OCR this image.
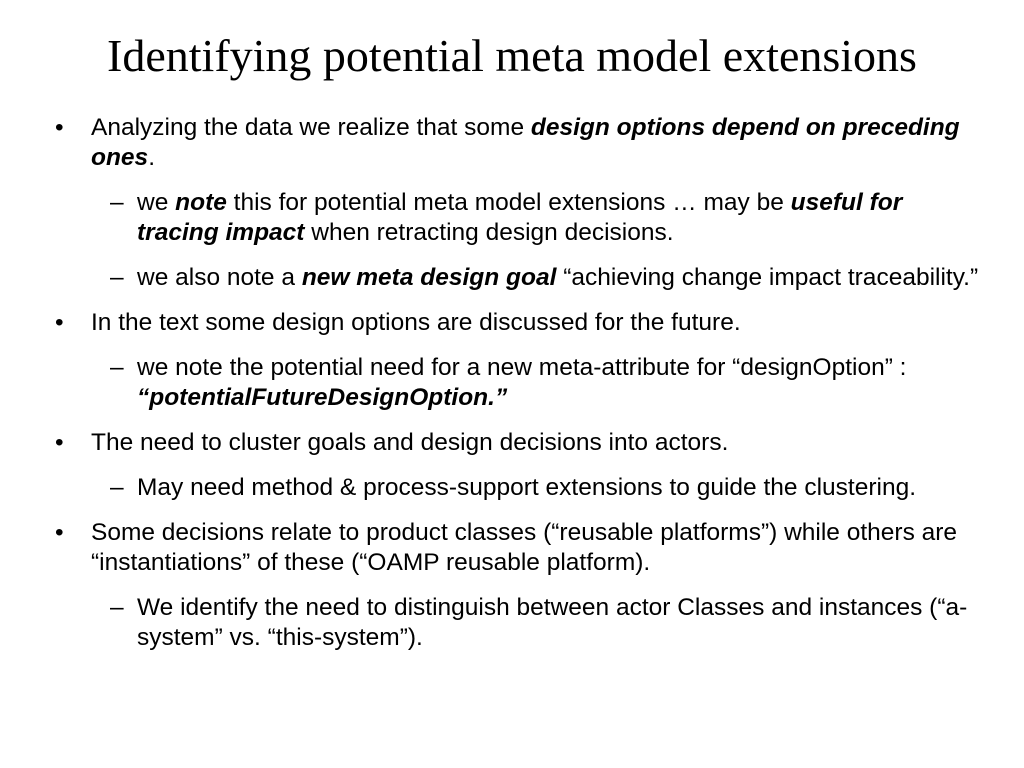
Identifying potential meta model extensions
• Analyzing the data we realize that some design options depend on preceding ones.
– we note this for potential meta model extensions … may be useful for tracing impact when retracting design decisions.
– we also note a new meta design goal “achieving change impact traceability.”
• In the text some design options are discussed for the future.
– we note the potential need for a new meta-attribute for “designOption” : “potentialFutureDesignOption.”
• The need to cluster goals and design decisions into actors.
– May need method & process-support extensions to guide the clustering.
• Some decisions relate to product classes (“reusable platforms”) while others are “instantiations” of these (“OAMP reusable platform).
– We identify the need to distinguish between actor Classes and instances (“a-system” vs. “this-system”).
